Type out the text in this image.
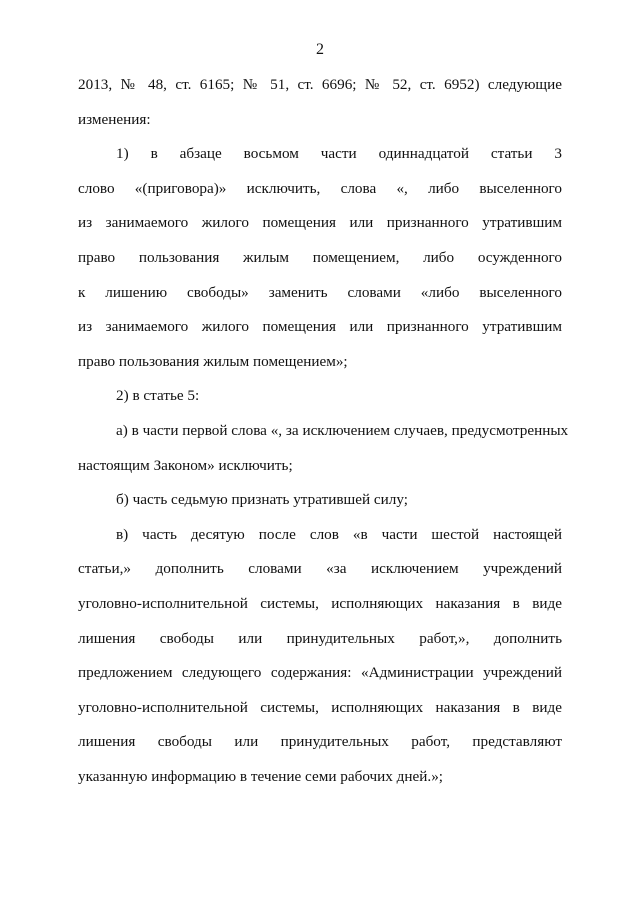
2
2013, № 48, ст. 6165; № 51, ст. 6696; № 52, ст. 6952) следующие
изменения:
1) в абзаце восьмом части одиннадцатой статьи 3
слово «(приговора)» исключить, слова «, либо выселенного
из занимаемого жилого помещения или признанного утратившим
право пользования жилым помещением, либо осужденного
к лишению свободы» заменить словами «либо выселенного
из занимаемого жилого помещения или признанного утратившим
право пользования жилым помещением»;
2) в статье 5:
а) в части первой слова «, за исключением случаев, предусмотренных
настоящим Законом» исключить;
б) часть седьмую признать утратившей силу;
в) часть десятую после слов «в части шестой настоящей
статьи,» дополнить словами «за исключением учреждений
уголовно-исполнительной системы, исполняющих наказания в виде
лишения свободы или принудительных работ,», дополнить
предложением следующего содержания: «Администрации учреждений
уголовно-исполнительной системы, исполняющих наказания в виде
лишения свободы или принудительных работ, представляют
указанную информацию в течение семи рабочих дней.»;
